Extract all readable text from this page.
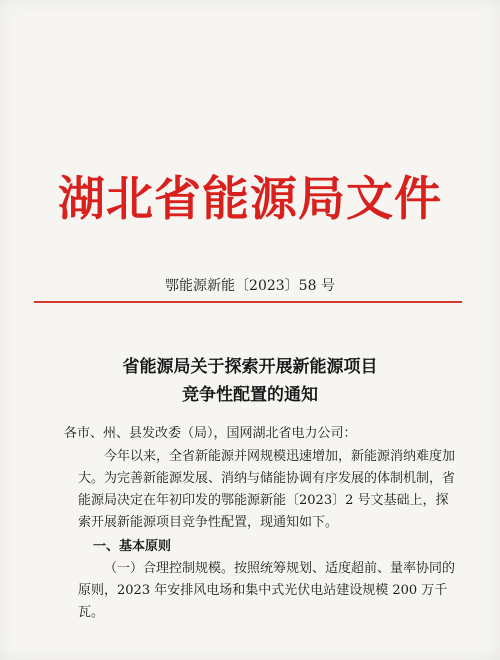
湖北省能源局文件
鄂能源新能〔2023〕58 号
省能源局关于探索开展新能源项目
竞争性配置的通知

各市、州、县发改委（局），国网湖北省电力公司：

今年以来，全省新能源并网规模迅速增加，新能源消纳难度加大。为完善新能源发展、消纳与储能协调有序发展的体制机制，省能源局决定在年初印发的鄂能源新能〔2023〕2 号文基础上，探索开展新能源项目竞争性配置，现通知如下。

一、基本原则

（一）合理控制规模。按照统筹规划、适度超前、量率协同的原则，2023 年安排风电场和集中式光伏电站建设规模 200 万千瓦。
